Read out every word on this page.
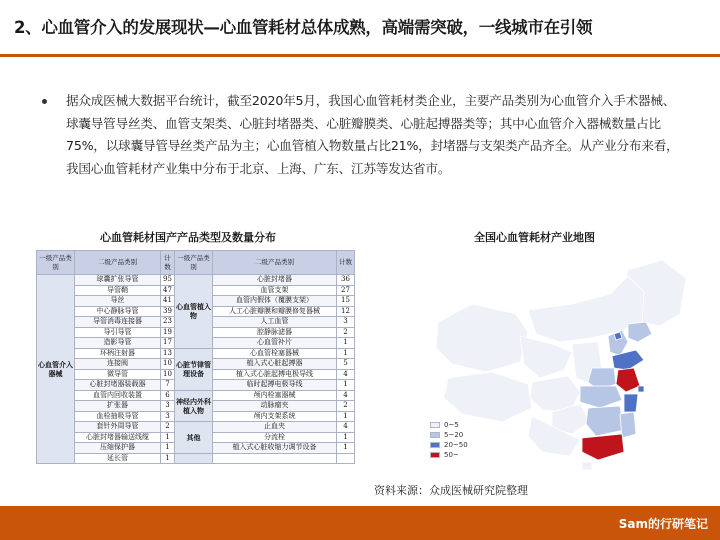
2、心血管介入的发展现状—心血管耗材总体成熟，高端需突破，一线城市在引领
据众成医械大数据平台统计，截至2020年5月，我国心血管耗材类企业，主要产品类别为心血管介入手术器械、球囊导管导丝类、血管支架类、心脏封堵器类、心脏瓣膜类、心脏起搏器类等；其中心血管介入器械数量占比75%，以球囊导管导丝类产品为主；心血管植入物数量占比21%，封堵器与支架类产品齐全。从产业分布来看，我国心血管耗材产业集中分布于北京、上海、广东、江苏等发达省市。
心血管耗材国产产品类型及数量分布	全国心血管耗材产业地图
一级产品类别	二级产品类别	计数	一级产品类别	二级产品类别	计数
心血管介入器械	球囊扩张导管	95	心血管植入物	心脏封堵器	36
	导管鞘	47		血管支架	27
	导丝	41		血管内假体（覆膜支架）	15
	中心静脉导管	39		人工心脏瓣膜和瓣膜修复器械	12
	导管消毒连接器	23		人工血管	3
	导引导管	19		腔静脉滤器	2
	造影导管	17		心血管补片	1
	环柄注射器	13	心脏节律管理设备	心血管栓塞器械	1
	连接阀	10		植入式心脏起搏器	5
	微导管	10		植入式心脏起搏电极导线	4
	心脏封堵器装载器	7		临时起搏电极导线	1
	血管内回收装置	6	神经内外科植入物	颅内栓塞器械	4
	扩张器	3		动脉瘤夹	2
	血栓抽吸导管	3		颅内支架系统	1
	套针外周导管	2	其他	止血夹	4
	心脏封堵器输送线缆	1		分流栓	1
	压缩保护器	1		植入式心脏收缩力调节设备	1
	延长管	1			
0~5
5~20
20~50
50~
资料来源：众成医械研究院整理
Sam的行研笔记
